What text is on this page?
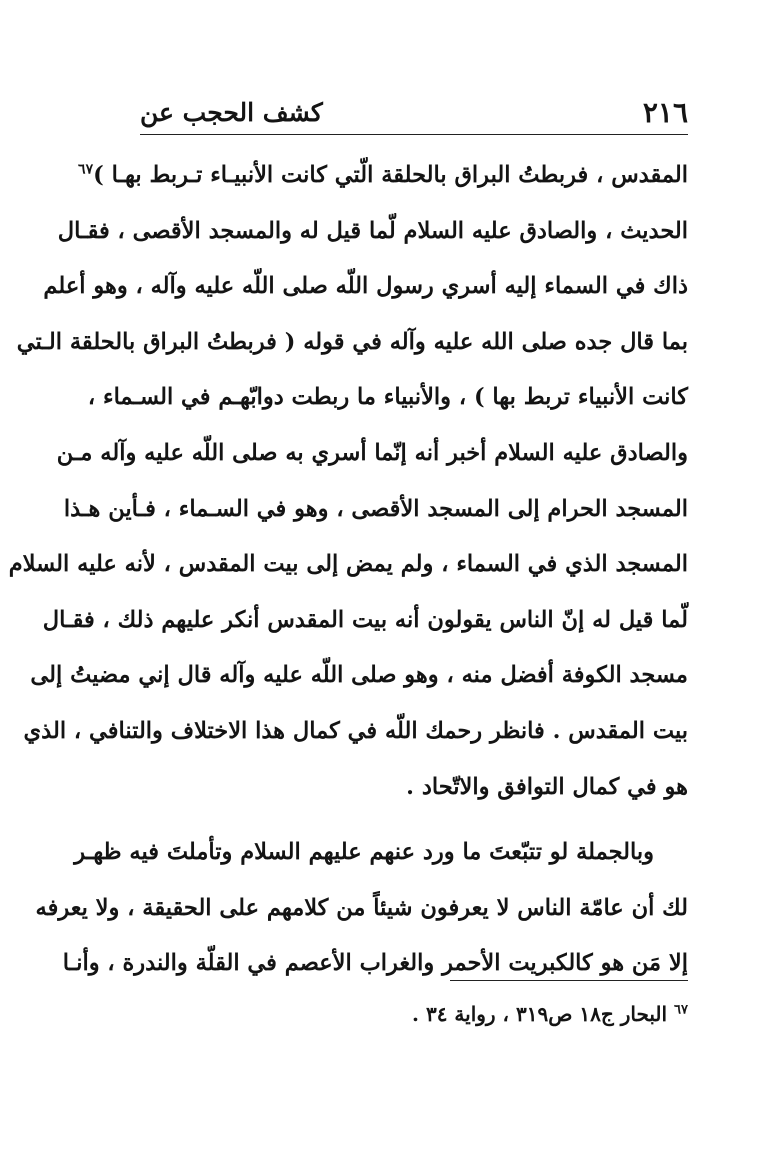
٢١٦
كشف الحجب عن
المقدس ، فربطتُ البراق بالحلقة الّتي كانت الأنبيـاء تـربط بهـا )$^{٦٧}$
الحديث ، والصادق عليه السلام لّما قيل له والمسجد الأقصى ، فقـال
ذاك في السماء إليه أسري رسول اللّه صلى اللّه عليه وآله ، وهو أعلم
بما قال جده صلى الله عليه وآله في قوله ( فربطتُ البراق بالحلقة الـتي
كانت الأنبياء تربط بها ) ، والأنبياء ما ربطت دوابّهـم في السـماء ،
والصادق عليه السلام أخبر أنه إنّما أسري به صلى اللّه عليه وآله مـن
المسجد الحرام إلى المسجد الأقصى ، وهو في السـماء ، فـأين هـذا
المسجد الذي في السماء ، ولم يمض إلى بيت المقدس ، لأنه عليه السلام
لّما قيل له إنّ الناس يقولون أنه بيت المقدس أنكر عليهم ذلك ، فقـال
مسجد الكوفة أفضل منه ، وهو صلى اللّه عليه وآله قال إني مضيتُ إلى
بيت المقدس . فانظر رحمك اللّه في كمال هذا الاختلاف والتنافي ، الذي
هو في كمال التوافق والاتّحاد .
وبالجملة لو تتبّعتَ ما ورد عنهم عليهم السلام وتأملتَ فيه ظهـر
لك أن عامّة الناس لا يعرفون شيئاً من كلامهم على الحقيقة ، ولا يعرفه
إلا مَن هو كالكبريت الأحمر والغراب الأعصم في القلّة والندرة ، وأنـا
$^{٦٧}$ البحار ج١٨ ص٣١٩ ، رواية ٣٤ .
